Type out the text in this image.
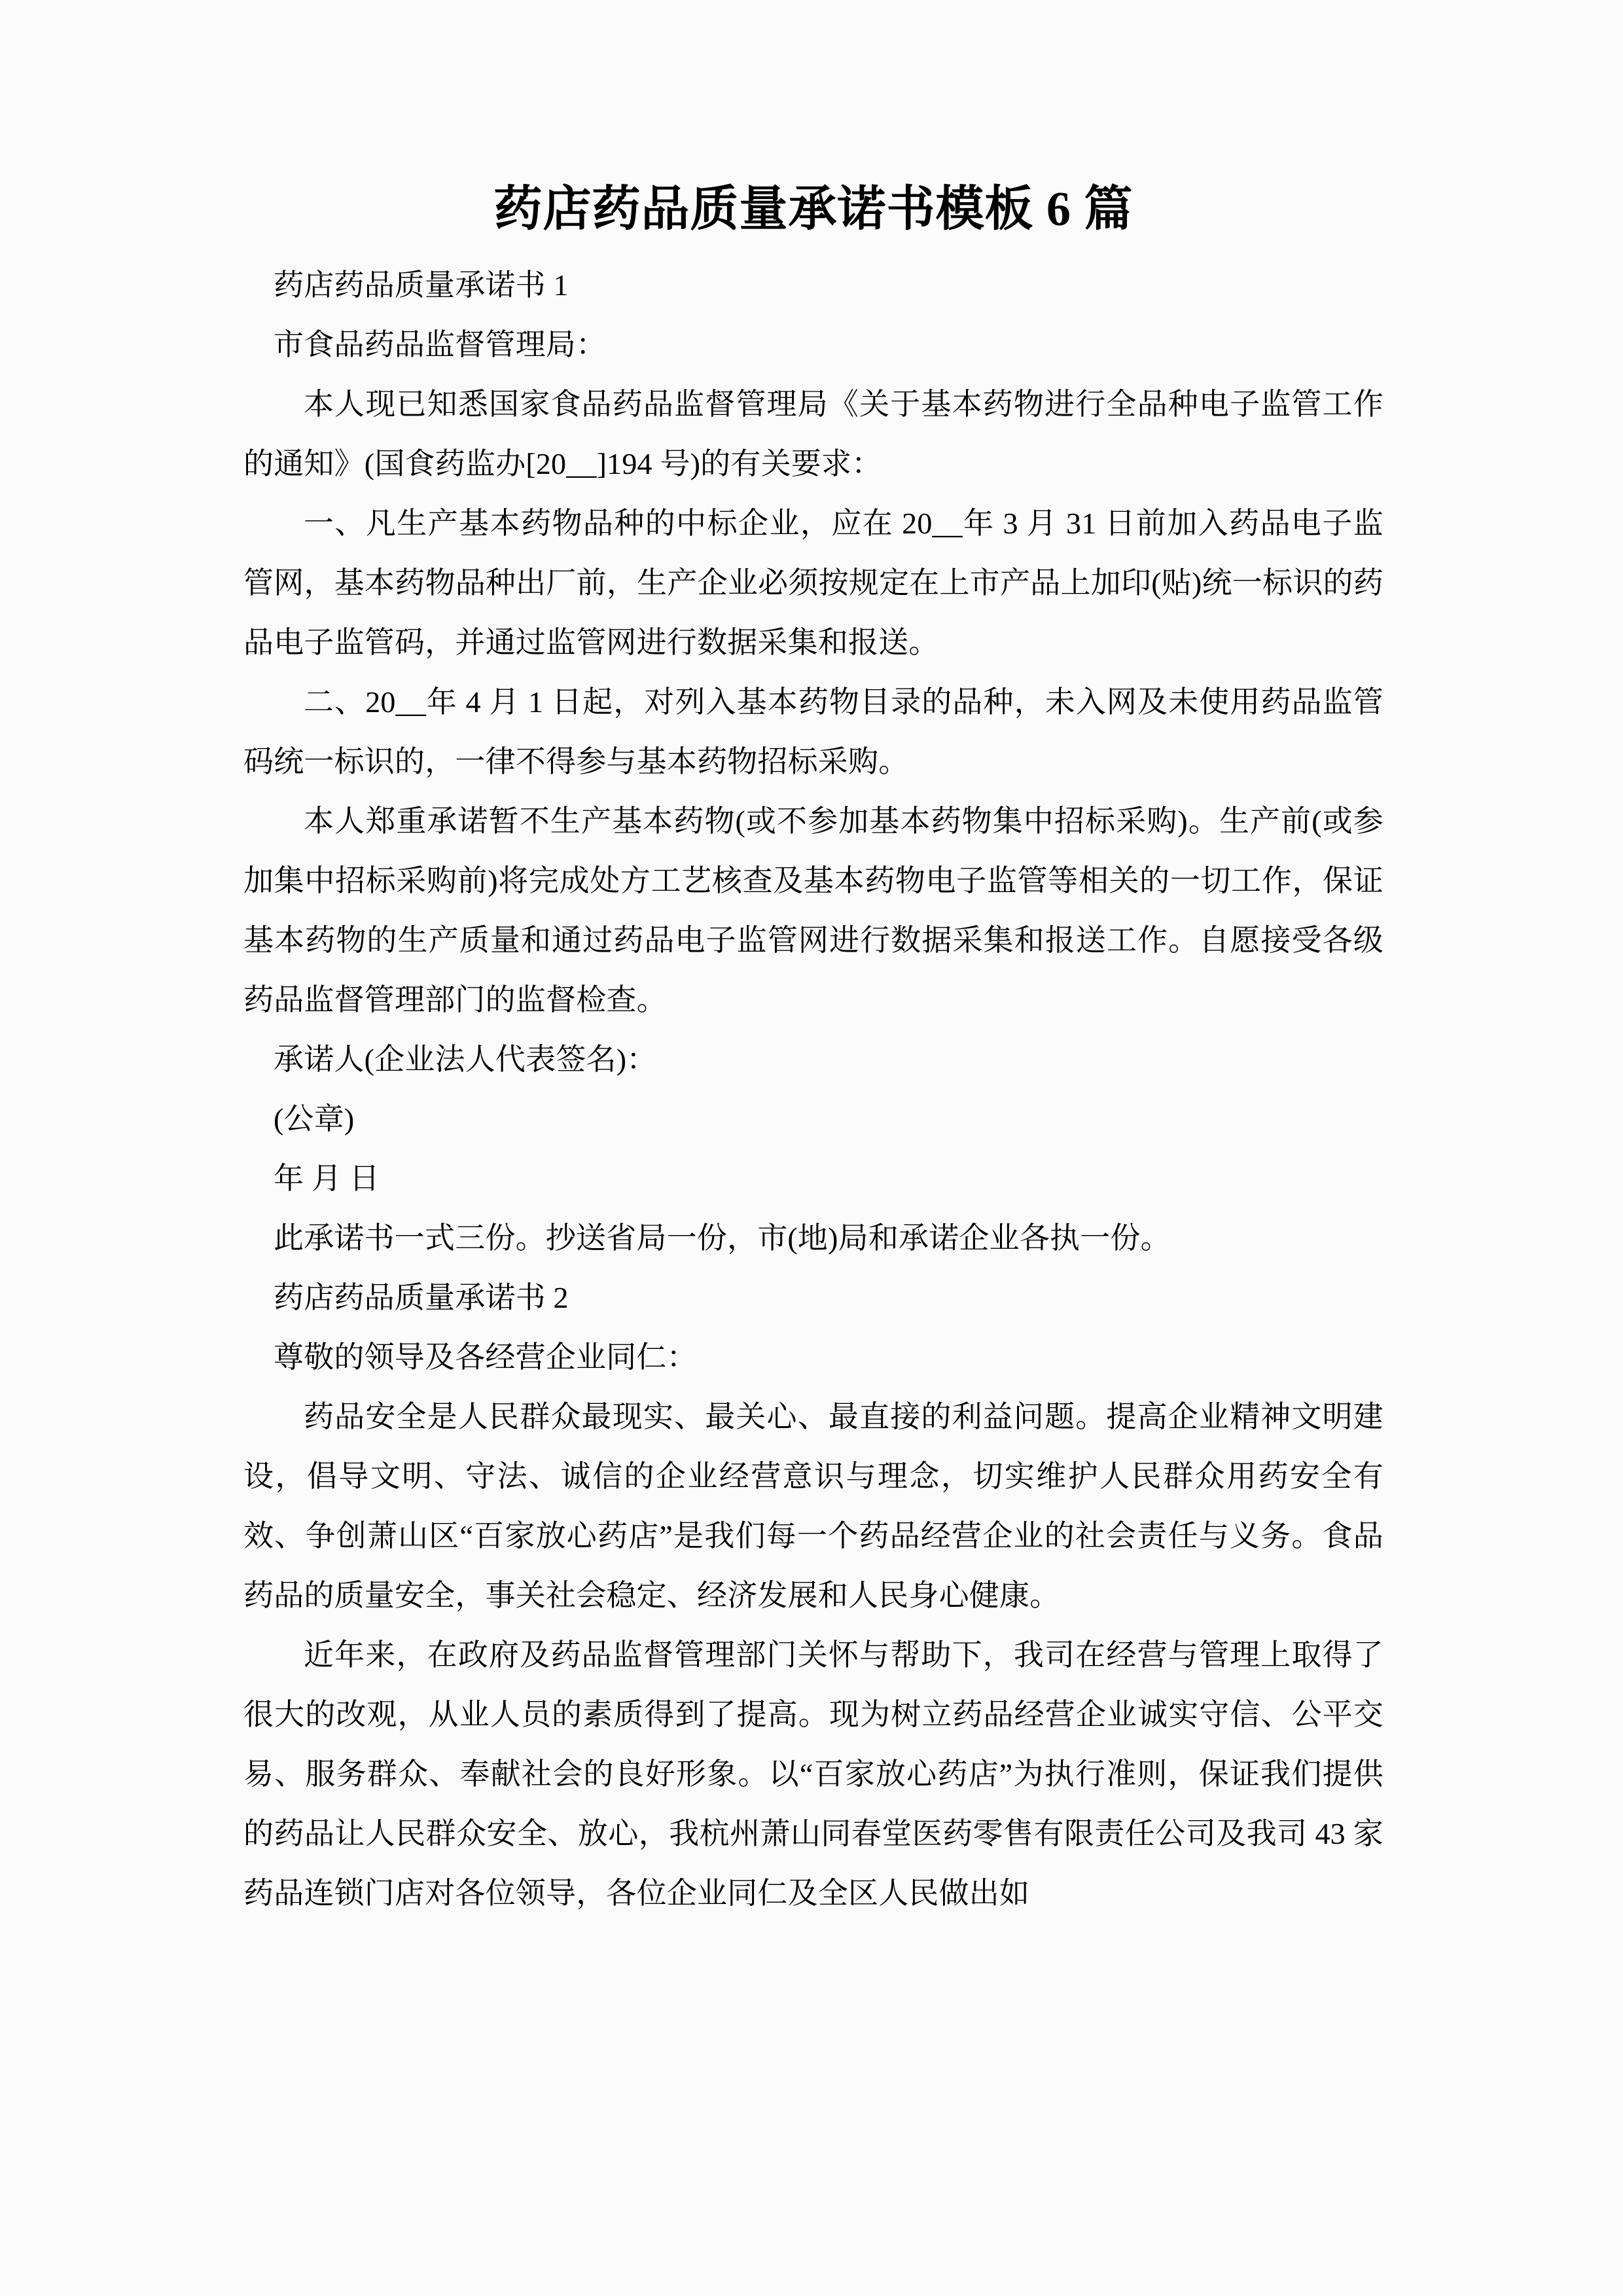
药店药品质量承诺书模板 6 篇

药店药品质量承诺书 1

市食品药品监督管理局：

本人现已知悉国家食品药品监督管理局《关于基本药物进行全品种电子监管工作的通知》(国食药监办[20__]194 号)的有关要求：

一、凡生产基本药物品种的中标企业，应在 20__年 3 月 31 日前加入药品电子监管网，基本药物品种出厂前，生产企业必须按规定在上市产品上加印(贴)统一标识的药品电子监管码，并通过监管网进行数据采集和报送。

二、20__年 4 月 1 日起，对列入基本药物目录的品种，未入网及未使用药品监管码统一标识的，一律不得参与基本药物招标采购。

本人郑重承诺暂不生产基本药物(或不参加基本药物集中招标采购)。生产前(或参加集中招标采购前)将完成处方工艺核查及基本药物电子监管等相关的一切工作，保证基本药物的生产质量和通过药品电子监管网进行数据采集和报送工作。自愿接受各级药品监督管理部门的监督检查。

承诺人(企业法人代表签名)：

(公章)

年 月 日

此承诺书一式三份。抄送省局一份，市(地)局和承诺企业各执一份。

药店药品质量承诺书 2

尊敬的领导及各经营企业同仁：

药品安全是人民群众最现实、最关心、最直接的利益问题。提高企业精神文明建设，倡导文明、守法、诚信的企业经营意识与理念，切实维护人民群众用药安全有效、争创萧山区“百家放心药店”是我们每一个药品经营企业的社会责任与义务。食品药品的质量安全，事关社会稳定、经济发展和人民身心健康。

近年来，在政府及药品监督管理部门关怀与帮助下，我司在经营与管理上取得了很大的改观，从业人员的素质得到了提高。现为树立药品经营企业诚实守信、公平交易、服务群众、奉献社会的良好形象。以“百家放心药店”为执行准则，保证我们提供的药品让人民群众安全、放心，我杭州萧山同春堂医药零售有限责任公司及我司 43 家药品连锁门店对各位领导，各位企业同仁及全区人民做出如
